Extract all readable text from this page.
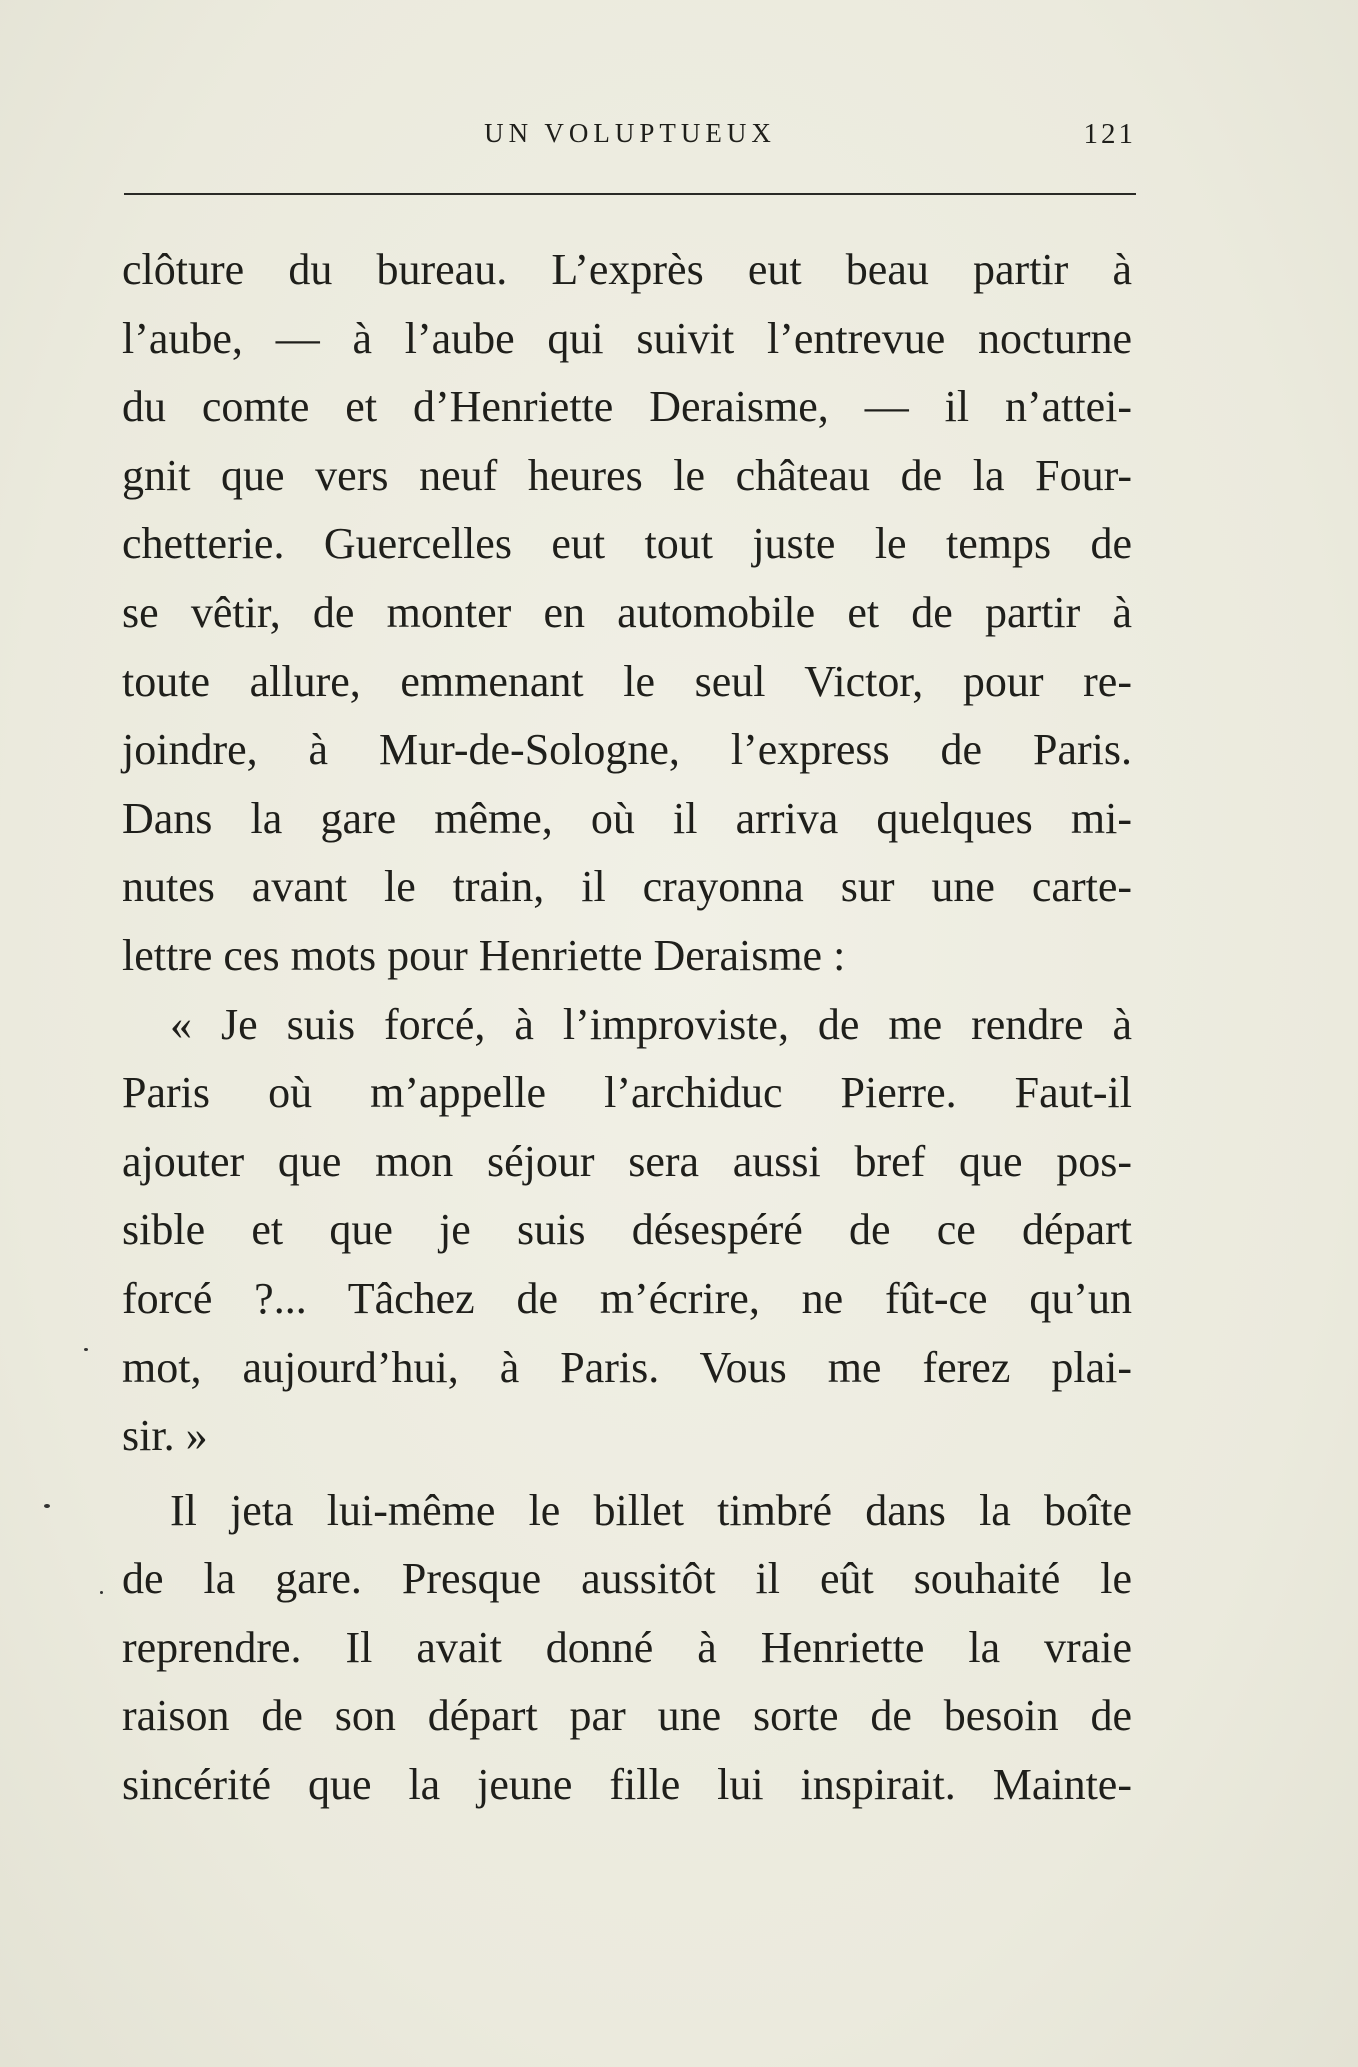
UN VOLUPTUEUX	121
clôture du bureau. L’exprès eut beau partir à
l’aube, — à l’aube qui suivit l’entrevue nocturne
du comte et d’Henriette Deraisme, — il n’attei-
gnit que vers neuf heures le château de la Four-
chetterie. Guercelles eut tout juste le temps de
se vêtir, de monter en automobile et de partir à
toute allure, emmenant le seul Victor, pour re-
joindre, à Mur-de-Sologne, l’express de Paris.
Dans la gare même, où il arriva quelques mi-
nutes avant le train, il crayonna sur une carte-
lettre ces mots pour Henriette Deraisme :
« Je suis forcé, à l’improviste, de me rendre à
Paris où m’appelle l’archiduc Pierre. Faut-il
ajouter que mon séjour sera aussi bref que pos-
sible et que je suis désespéré de ce départ
forcé ?... Tâchez de m’écrire, ne fût-ce qu’un
mot, aujourd’hui, à Paris. Vous me ferez plai-
sir. »
Il jeta lui-même le billet timbré dans la boîte
de la gare. Presque aussitôt il eût souhaité le
reprendre. Il avait donné à Henriette la vraie
raison de son départ par une sorte de besoin de
sincérité que la jeune fille lui inspirait. Mainte-
